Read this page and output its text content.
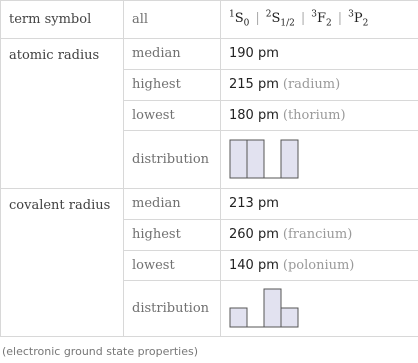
term symbol	all	$^1S_0$ | $^2S_{1/2}$ | $^3F_2$ | $^3P_2$
atomic radius	median	190 pm
	highest	215 pm (radium)
	lowest	180 pm (thorium)
	distribution	

covalent radius	median	213 pm
	highest	260 pm (francium)
	lowest	140 pm (polonium)
	distribution	
(electronic ground state properties)
